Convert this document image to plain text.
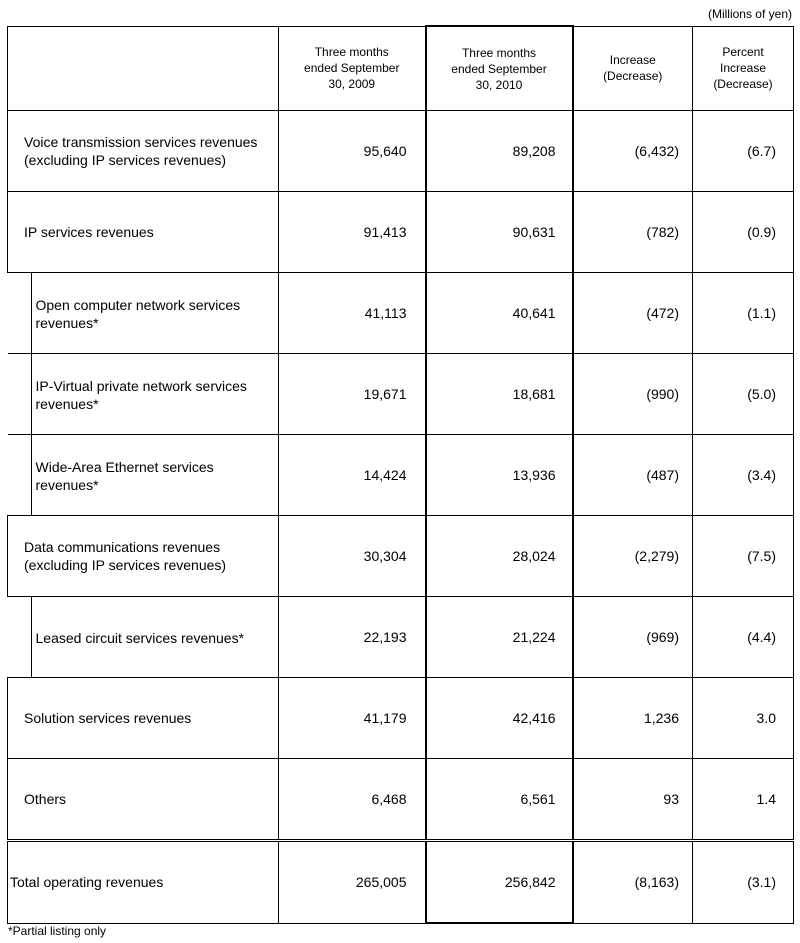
(Millions of yen)
	Three months ended September 30, 2009	Three months ended September 30, 2010	Increase (Decrease)	Percent Increase (Decrease)
Voice transmission services revenues (excluding IP services revenues)	95,640	89,208	(6,432)	(6.7)
IP services revenues	91,413	90,631	(782)	(0.9)

Open computer network services revenues*	41,113	40,641	(472)	(1.1)

IP-Virtual private network services revenues*	19,671	18,681	(990)	(5.0)

Wide-Area Ethernet services revenues*	14,424	13,936	(487)	(3.4)
Data communications revenues (excluding IP services revenues)	30,304	28,024	(2,279)	(7.5)

Leased circuit services revenues*	22,193	21,224	(969)	(4.4)
Solution services revenues	41,179	42,416	1,236	3.0
Others	6,468	6,561	93	1.4
Total operating revenues	265,005	256,842	(8,163)	(3.1)
*Partial listing only
